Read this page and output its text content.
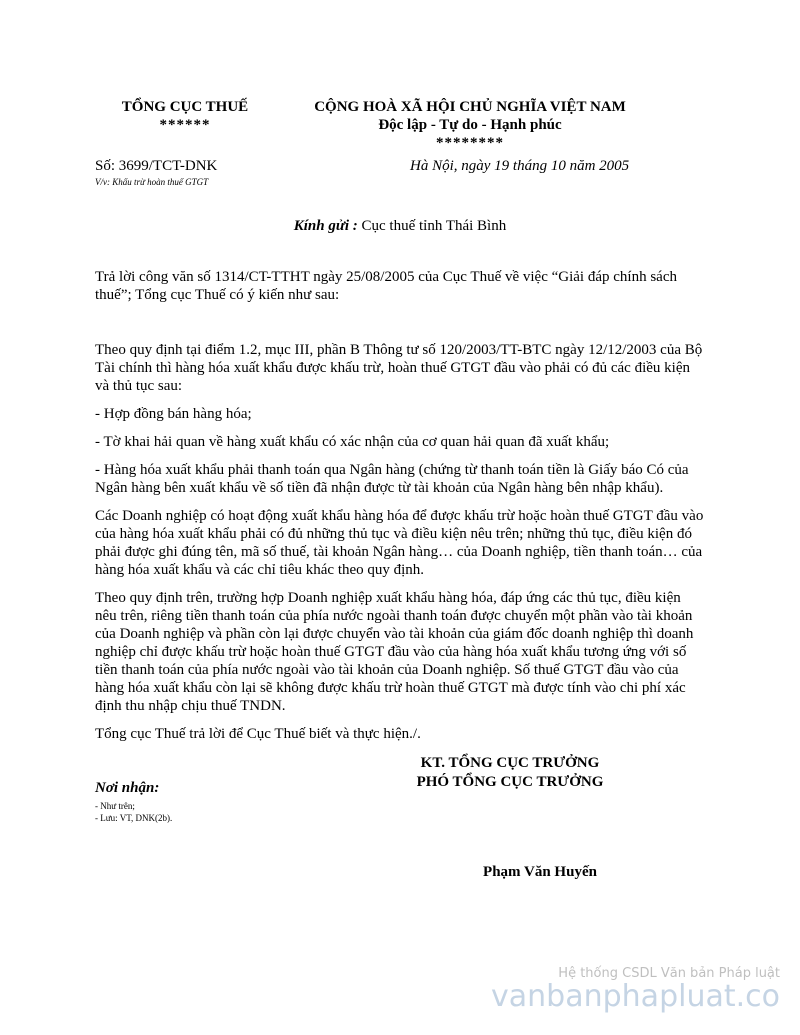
TỔNG CỤC THUẾ
******
CỘNG HOÀ XÃ HỘI CHỦ NGHĨA VIỆT NAM
Độc lập - Tự do - Hạnh phúc
********
Số: 3699/TCT-DNK
V/v: Khấu trừ hoàn thuế GTGT
Hà Nội, ngày 19 tháng 10 năm 2005
Kính gửi : Cục thuế tỉnh Thái Bình

Trả lời công văn số 1314/CT-TTHT ngày 25/08/2005 của Cục Thuế về việc “Giải đáp chính sách thuế”; Tổng cục Thuế có ý kiến như sau:

Theo quy định tại điểm 1.2, mục III, phần B Thông tư số 120/2003/TT-BTC ngày 12/12/2003 của Bộ Tài chính thì hàng hóa xuất khẩu được khấu trừ, hoàn thuế GTGT đầu vào phải có đủ các điều kiện và thủ tục sau:

- Hợp đồng bán hàng hóa;

- Tờ khai hải quan về hàng xuất khẩu có xác nhận của cơ quan hải quan đã xuất khẩu;

- Hàng hóa xuất khẩu phải thanh toán qua Ngân hàng (chứng từ thanh toán tiền là Giấy báo Có của Ngân hàng bên xuất khẩu về số tiền đã nhận được từ tài khoản của Ngân hàng bên nhập khẩu).

Các Doanh nghiệp có hoạt động xuất khẩu hàng hóa để được khấu trừ hoặc hoàn thuế GTGT đầu vào của hàng hóa xuất khẩu phải có đủ những thủ tục và điều kiện nêu trên; những thủ tục, điều kiện đó phải được ghi đúng tên, mã số thuế, tài khoản Ngân hàng… của Doanh nghiệp, tiền thanh toán… của hàng hóa xuất khẩu và các chỉ tiêu khác theo quy định.

Theo quy định trên, trường hợp Doanh nghiệp xuất khẩu hàng hóa, đáp ứng các thủ tục, điều kiện nêu trên, riêng tiền thanh toán của phía nước ngoài thanh toán được chuyển một phần vào tài khoản của Doanh nghiệp và phần còn lại được chuyển vào tài khoản của giám đốc doanh nghiệp thì doanh nghiệp chỉ được khấu trừ hoặc hoàn thuế GTGT đầu vào của hàng hóa xuất khẩu tương ứng với số tiền thanh toán của phía nước ngoài vào tài khoản của Doanh nghiệp. Số thuế GTGT đầu vào của hàng hóa xuất khẩu còn lại sẽ không được khấu trừ hoàn thuế GTGT mà được tính vào chi phí xác định thu nhập chịu thuế TNDN.

Tổng cục Thuế trả lời để Cục Thuế biết và thực hiện./.

KT. TỔNG CỤC TRƯỞNG
PHÓ TỔNG CỤC TRƯỞNG
Nơi nhận:
- Như trên;
- Lưu: VT, DNK(2b).
Phạm Văn Huyến
Hệ thống CSDL Văn bản Pháp luật
vanbanphapluat.co
